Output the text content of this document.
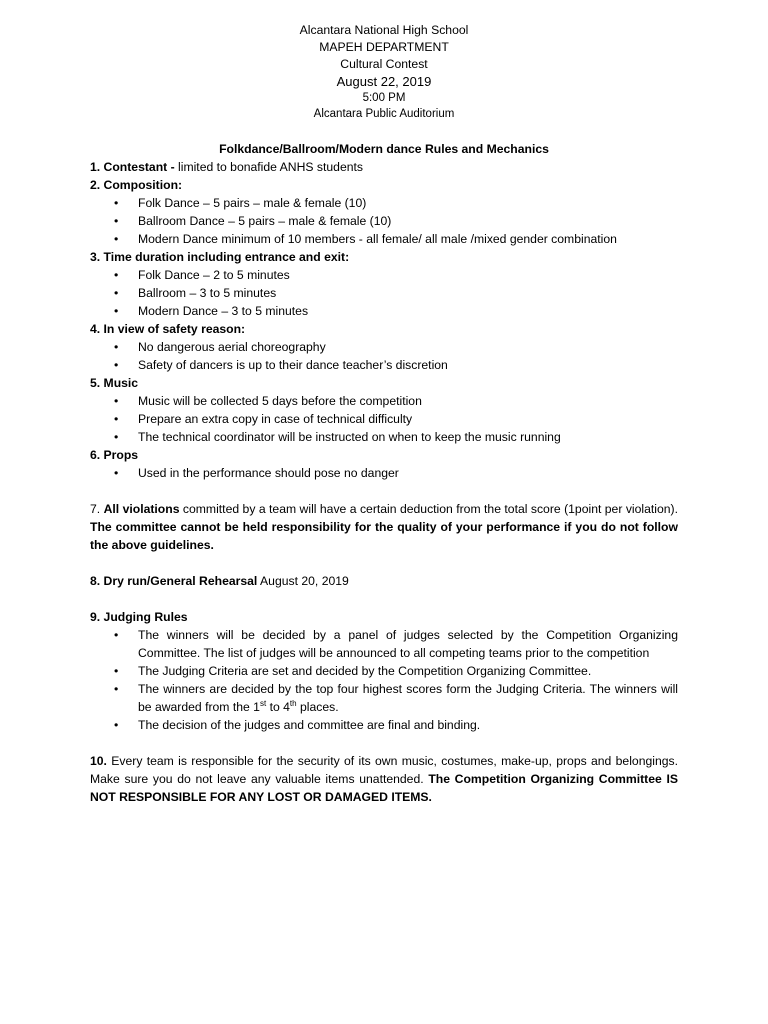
Alcantara National High School
MAPEH DEPARTMENT
Cultural Contest
August 22, 2019
5:00 PM
Alcantara Public Auditorium
Folkdance/Ballroom/Modern dance Rules and Mechanics
1. Contestant - limited to bonafide ANHS students
2. Composition:
• Folk Dance – 5 pairs – male & female (10)
• Ballroom Dance – 5 pairs – male & female (10)
• Modern Dance minimum of 10 members - all female/ all male /mixed gender combination
3. Time duration including entrance and exit:
• Folk Dance – 2 to 5 minutes
• Ballroom – 3 to 5 minutes
• Modern Dance – 3 to 5 minutes
4. In view of safety reason:
• No dangerous aerial choreography
• Safety of dancers is up to their dance teacher’s discretion
5. Music
• Music will be collected 5 days before the competition
• Prepare an extra copy in case of technical difficulty
• The technical coordinator will be instructed on when to keep the music running
6. Props
• Used in the performance should pose no danger
7. All violations committed by a team will have a certain deduction from the total score (1point per violation). The committee cannot be held responsibility for the quality of your performance if you do not follow the above guidelines.
8. Dry run/General Rehearsal August 20, 2019
9. Judging Rules
• The winners will be decided by a panel of judges selected by the Competition Organizing Committee. The list of judges will be announced to all competing teams prior to the competition
• The Judging Criteria are set and decided by the Competition Organizing Committee.
• The winners are decided by the top four highest scores form the Judging Criteria. The winners will be awarded from the 1st to 4th places.
• The decision of the judges and committee are final and binding.
10. Every team is responsible for the security of its own music, costumes, make-up, props and belongings. Make sure you do not leave any valuable items unattended. The Competition Organizing Committee IS NOT RESPONSIBLE FOR ANY LOST OR DAMAGED ITEMS.
